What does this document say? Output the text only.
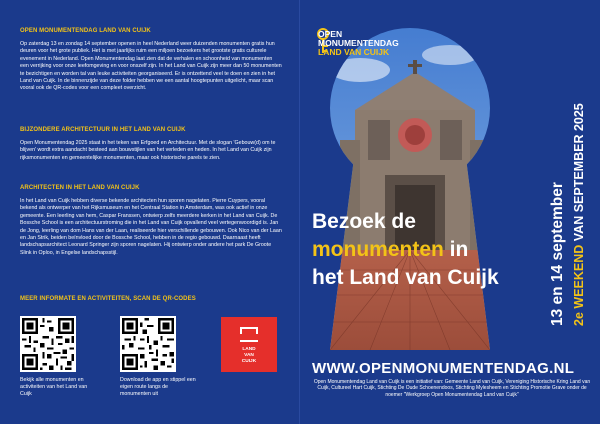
OPEN MONUMENTENDAG LAND VAN CUIJK

Op zaterdag 13 en zondag 14 september openen in heel Nederland weer duizenden monumenten gratis hun deuren voor het grote publiek. Het is met jaarlijks ruim een miljoen bezoekers het grootste gratis culturele evenement in Nederland. Open Monumentendag laat zien dat de verhalen en schoonheid van monumenten een verrijking voor onze leefomgeving en voor onszelf zijn. In het Land van Cuijk zijn meer dan 50 monumenten te bezichtigen en worden tal van leuke activiteiten georganiseerd. Er is ontzettend veel te doen en zien in het Land van Cuijk. In de binnenzijde van deze folder hebben we een aantal hoogtepunten uitgelicht, maar scan vooral ook de QR-codes voor een compleet overzicht.

BIJZONDERE ARCHITECTUUR IN HET LAND VAN CUIJK

Open Monumentendag 2025 staat in het teken van Erfgoed en Architectuur. Met de slogan 'Gebouw(d) om te blijven' wordt extra aandacht besteed aan bouwstijlen van het verleden en heden. In het Land van Cuijk zijn rijksmonumenten en gemeentelijke monumenten, maar ook historische parels te zien.

ARCHITECTEN IN HET LAND VAN CUIJK

In het Land van Cuijk hebben diverse bekende architecten hun sporen nagelaten. Pierre Cuypers, vooral bekend als ontwerper van het Rijksmuseum en het Centraal Station in Amsterdam, was ook actief in onze gemeente. Een leerling van hem, Caspar Franssen, ontwierp zelfs meerdere kerken in het Land van Cuijk. De Bossche School is een architectuurstroming die in het Land van Cuijk opvallend veel vertegenwoordigd is. Jan de Jong, leerling van dom Hans van der Laan, realiseerde hier verschillende gebouwen. Ook Nico van der Laan en Jan Strik, beiden beïnvloed door de Bossche School, hebben in de regio gebouwd. Daarnaast heeft landschapsarchitect Leonard Springer zijn sporen nagelaten. Hij ontwierp onder andere het park De Groote Slink in Oploo, in Engelse landschapsstijl.

MEER INFORMATE EN ACTIVITEITEN, SCAN DE QR-CODES

Bekijk alle monumenten en activiteiten van het Land van Cuijk

Download de app en stippel een eigen route langs de monumenten uit

LAND
VAN
CUIJK
OPEN
MONUMENTENDAG
LAND VAN CUIJK
13 en 14 september 2e WEEKEND VAN SEPTEMBER 2025
Bezoek de
monumenten in
het Land van Cuijk
WWW.OPENMONUMENTENDAG.NL

Open Monumentendag Land van Cuijk is een initiatief van: Gemeente Land van Cuijk, Vereniging Historische Kring Land van Cuijk, Cultureel Hart Cuijk, Stichting De Oude Schoenendoos, Stichting Mylesheem en Stichting Promotie Grave onder de noemer "Werkgroep Open Monumentendag Land van Cuijk"
